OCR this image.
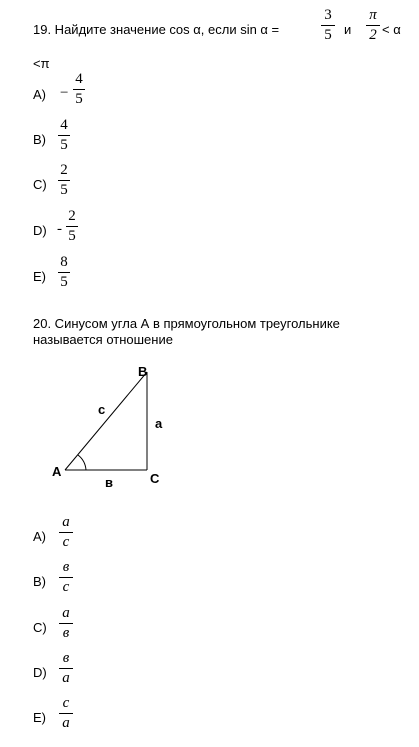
19. Найдите значение cos α, если sin α =
3
5 и
π
2 < α
<π
A) −
4
5
B)
4
5
C)
2
5
D) -
2
5
E)
8
5
20. Синусом угла А в прямоугольном треугольнике называется отношение
A
B
C
a
в
c
A)
a
c
B)
в
c
C)
a
в
D)
в
a
E)
c
a
